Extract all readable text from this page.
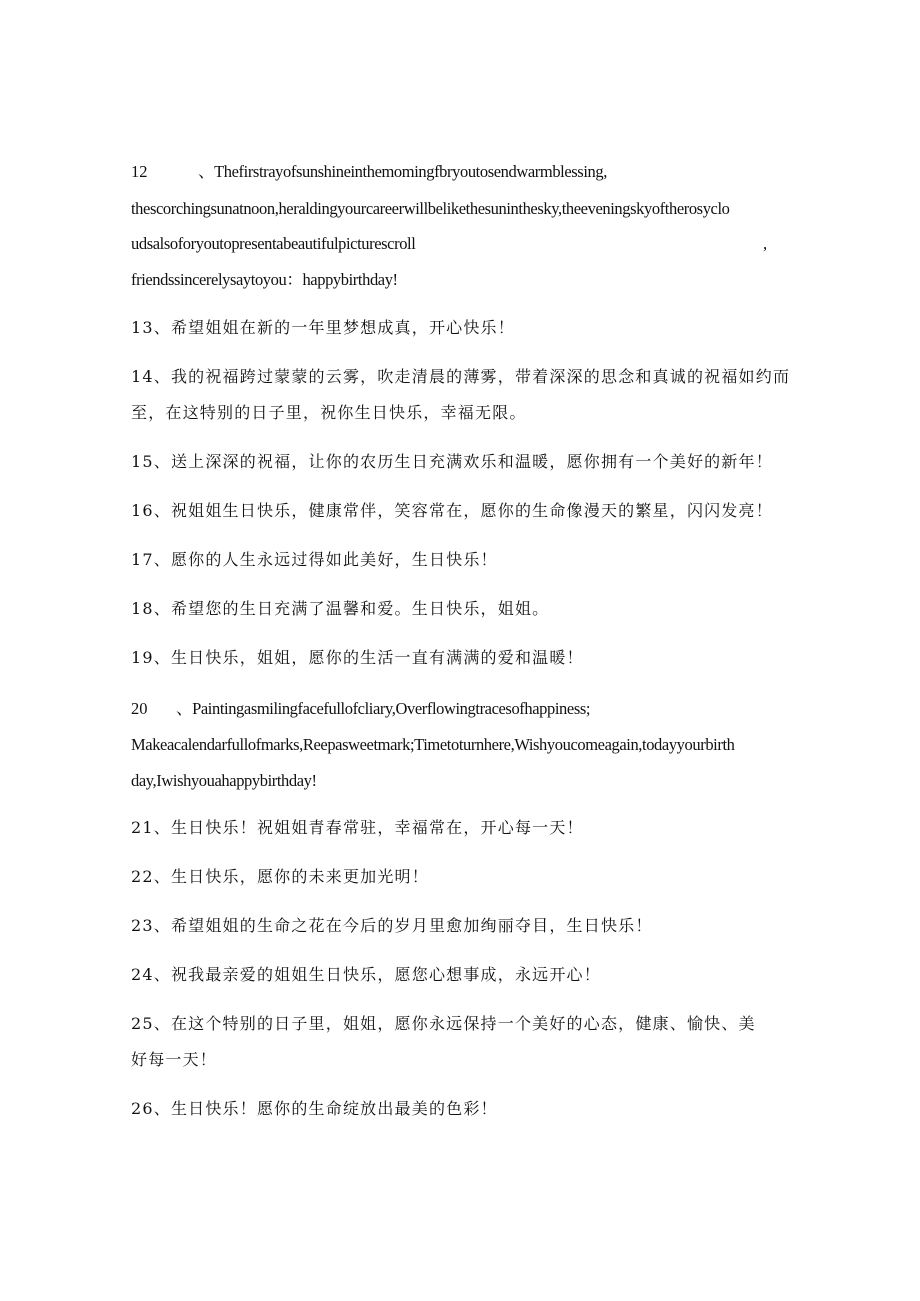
12	、Thefirstrayofsunshineinthemomingfbryoutosendwarmblessing,
thescorchingsunatnoon,heraldingyourcareerwillbelikethesuninthesky,theeveningskyoftherosyclo
udsalsoforyoutopresentabeautifulpicturescroll	,
friendssincerelysaytoyou：happybirthday!
13、希望姐姐在新的一年里梦想成真，开心快乐！
14、我的祝福跨过蒙蒙的云雾，吹走清晨的薄雾，带着深深的思念和真诚的祝福如约而
至，在这特别的日子里，祝你生日快乐，幸福无限。
15、送上深深的祝福，让你的农历生日充满欢乐和温暖，愿你拥有一个美好的新年！
16、祝姐姐生日快乐，健康常伴，笑容常在，愿你的生命像漫天的繁星，闪闪发亮！
17、愿你的人生永远过得如此美好，生日快乐！
18、希望您的生日充满了温馨和爱。生日快乐，姐姐。
19、生日快乐，姐姐，愿你的生活一直有满满的爱和温暖！
20 、Paintingasmilingfacefullofcliary,Overflowingtracesofhappiness;
Makeacalendarfullofmarks,Reepasweetmark;Timetoturnhere,Wishyoucomeagain,todayyourbirth
day,Iwishyouahappybirthday!
21、生日快乐！祝姐姐青春常驻，幸福常在，开心每一天！
22、生日快乐，愿你的未来更加光明！
23、希望姐姐的生命之花在今后的岁月里愈加绚丽夺目，生日快乐！
24、祝我最亲爱的姐姐生日快乐，愿您心想事成，永远开心！
25、在这个特别的日子里，姐姐，愿你永远保持一个美好的心态，健康、愉快、美
好每一天！
26、生日快乐！愿你的生命绽放出最美的色彩！
